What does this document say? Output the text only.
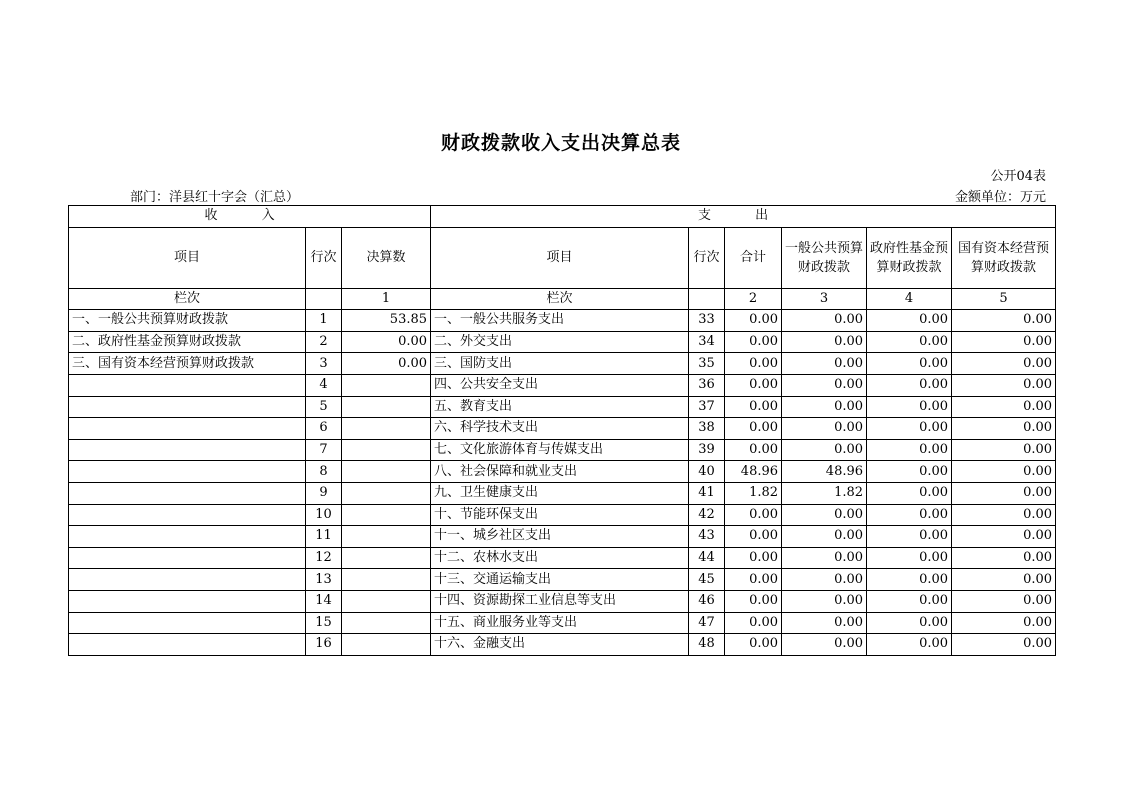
财政拨款收入支出决算总表
公开04表
部门：洋县红十字会（汇总）	金额单位：万元
收 入			支 出					
项目	行次	决算数	项目	行次	合计	一般公共预算财政拨款	政府性基金预算财政拨款	国有资本经营预算财政拨款
栏次		1	栏次		2	3	4	5
一、一般公共预算财政拨款	1	53.85	一、一般公共服务支出	33	0.00	0.00	0.00	0.00
二、政府性基金预算财政拨款	2	0.00	二、外交支出	34	0.00	0.00	0.00	0.00
三、国有资本经营预算财政拨款	3	0.00	三、国防支出	35	0.00	0.00	0.00	0.00
	4		四、公共安全支出	36	0.00	0.00	0.00	0.00
	5		五、教育支出	37	0.00	0.00	0.00	0.00
	6		六、科学技术支出	38	0.00	0.00	0.00	0.00
	7		七、文化旅游体育与传媒支出	39	0.00	0.00	0.00	0.00
	8		八、社会保障和就业支出	40	48.96	48.96	0.00	0.00
	9		九、卫生健康支出	41	1.82	1.82	0.00	0.00
	10		十、节能环保支出	42	0.00	0.00	0.00	0.00
	11		十一、城乡社区支出	43	0.00	0.00	0.00	0.00
	12		十二、农林水支出	44	0.00	0.00	0.00	0.00
	13		十三、交通运输支出	45	0.00	0.00	0.00	0.00
	14		十四、资源勘探工业信息等支出	46	0.00	0.00	0.00	0.00
	15		十五、商业服务业等支出	47	0.00	0.00	0.00	0.00
	16		十六、金融支出	48	0.00	0.00	0.00	0.00
